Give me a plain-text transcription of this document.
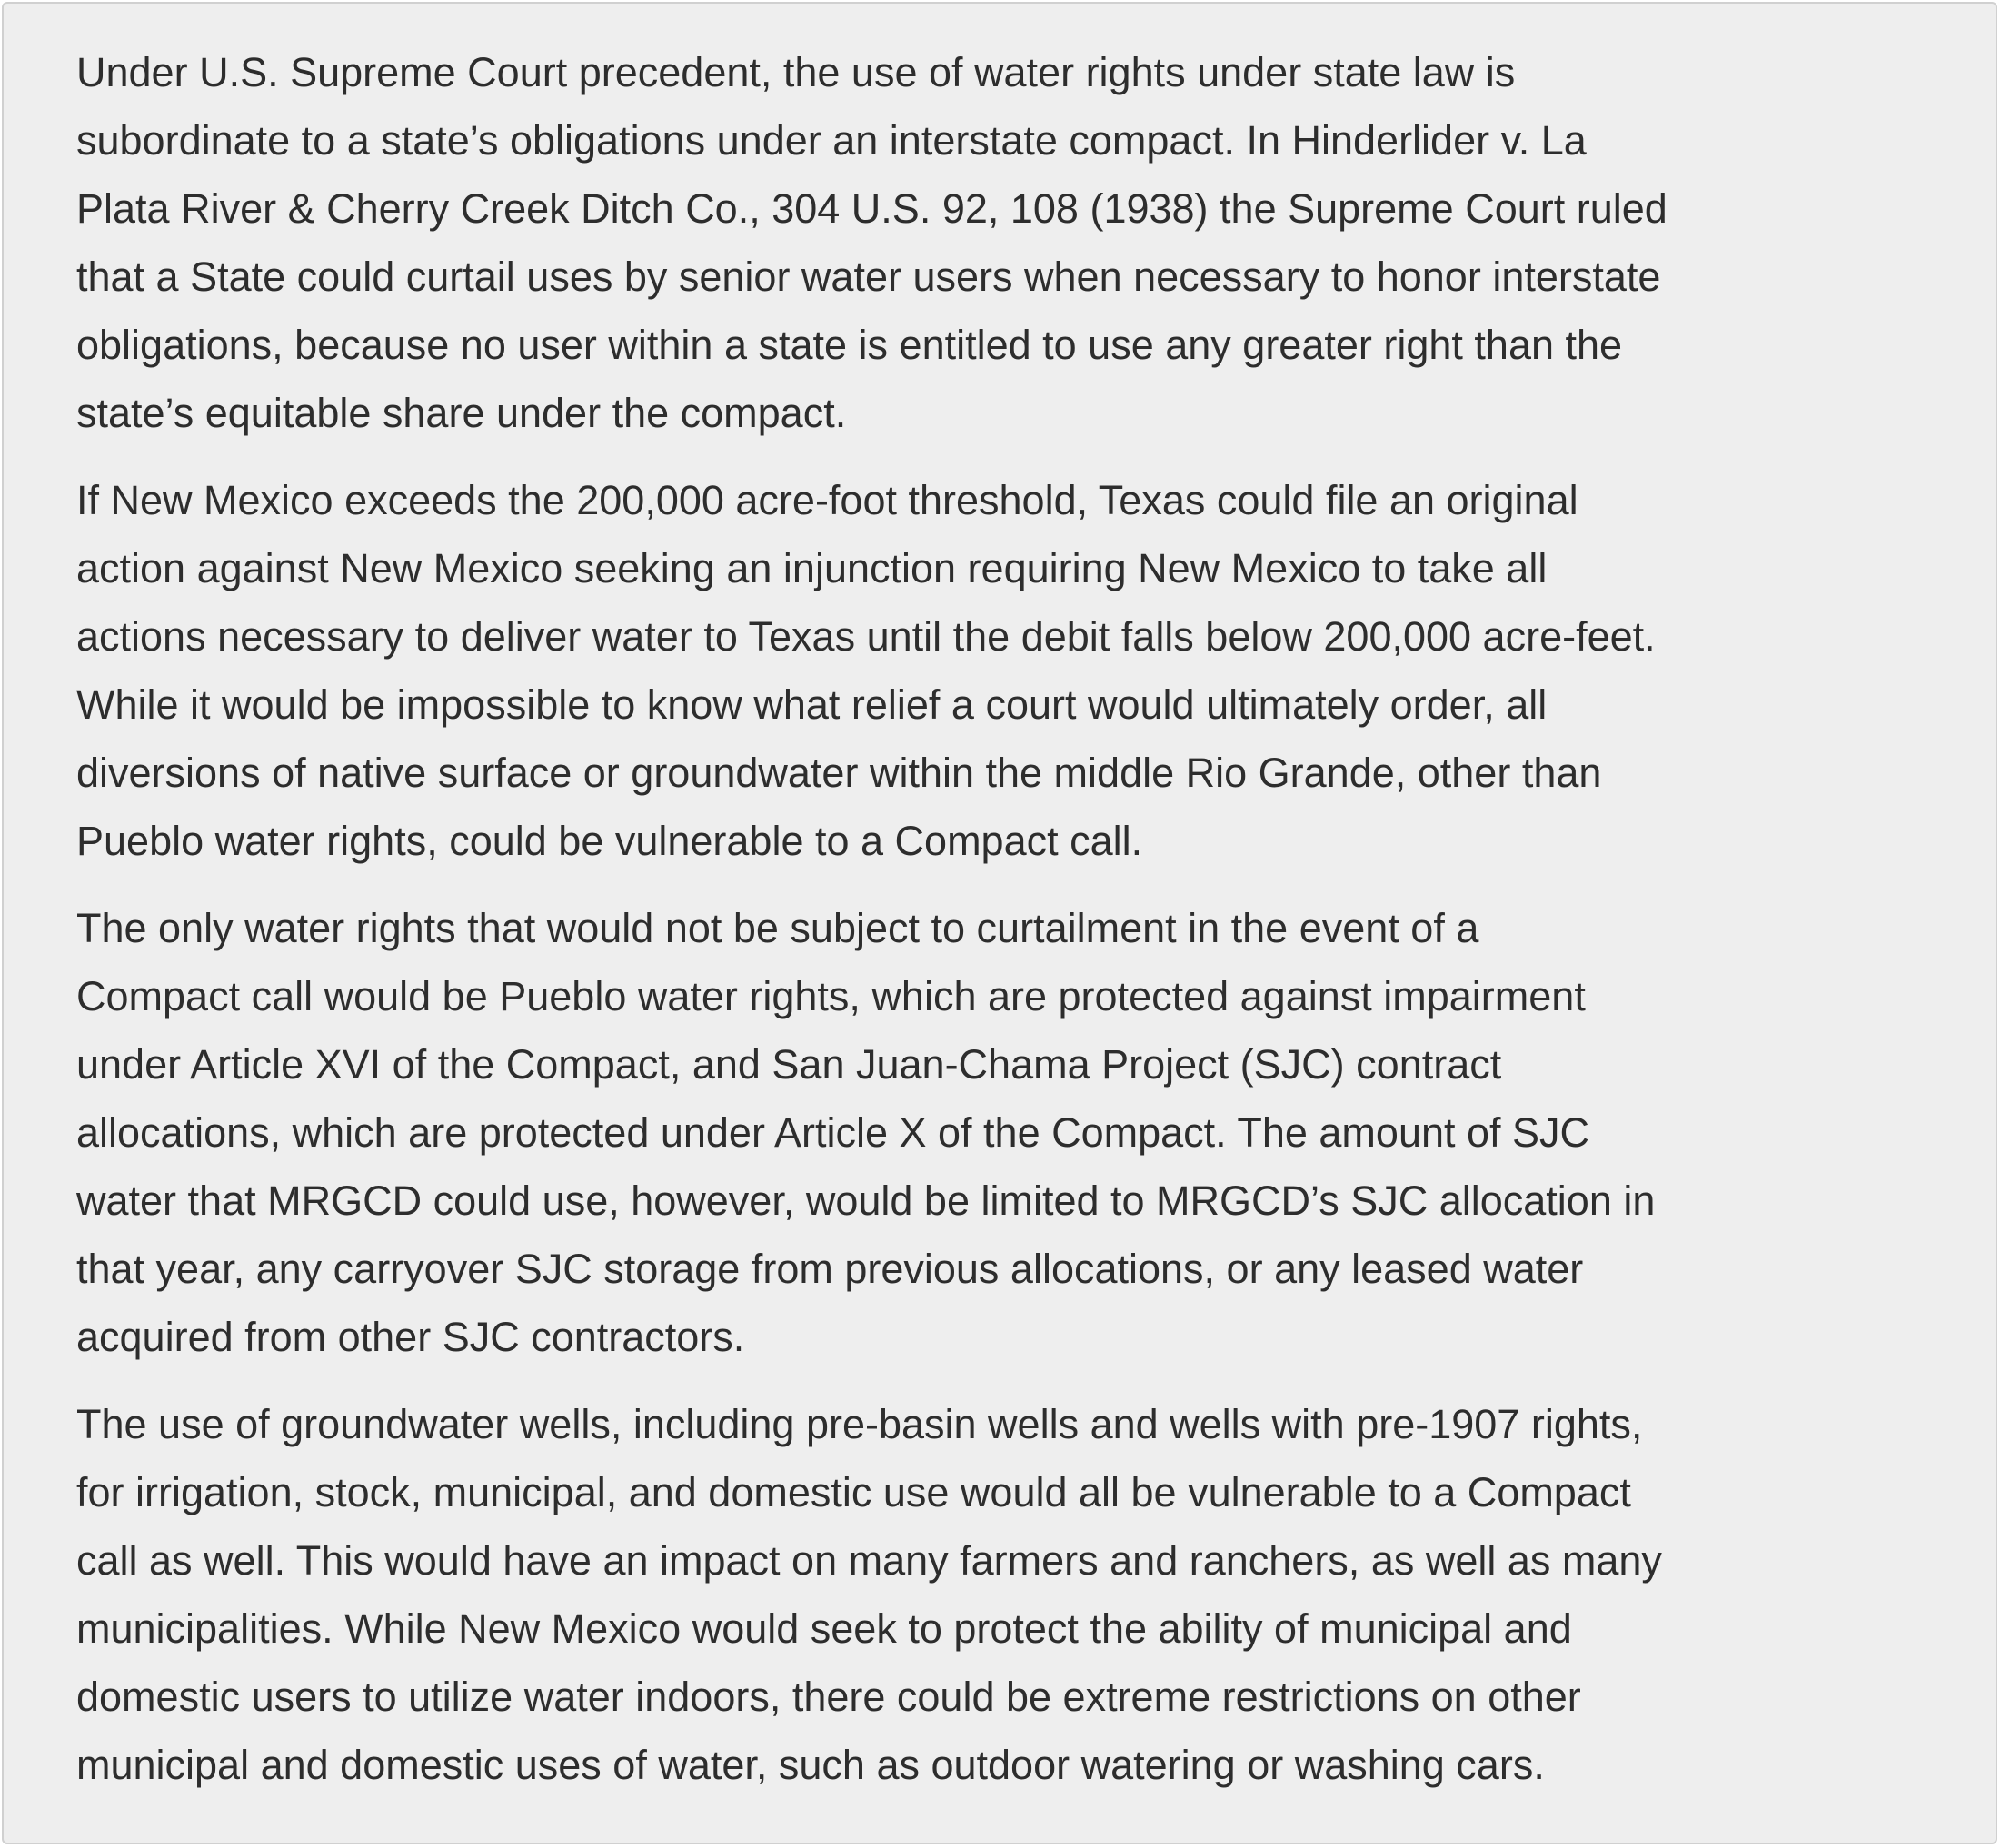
Under U.S. Supreme Court precedent, the use of water rights under state law is
subordinate to a state’s obligations under an interstate compact. In Hinderlider v. La
Plata River & Cherry Creek Ditch Co., 304 U.S. 92, 108 (1938) the Supreme Court ruled
that a State could curtail uses by senior water users when necessary to honor interstate
obligations, because no user within a state is entitled to use any greater right than the
state’s equitable share under the compact.

If New Mexico exceeds the 200,000 acre-foot threshold, Texas could file an original
action against New Mexico seeking an injunction requiring New Mexico to take all
actions necessary to deliver water to Texas until the debit falls below 200,000 acre-feet.
While it would be impossible to know what relief a court would ultimately order, all
diversions of native surface or groundwater within the middle Rio Grande, other than
Pueblo water rights, could be vulnerable to a Compact call.

The only water rights that would not be subject to curtailment in the event of a
Compact call would be Pueblo water rights, which are protected against impairment
under Article XVI of the Compact, and San Juan-Chama Project (SJC) contract
allocations, which are protected under Article X of the Compact. The amount of SJC
water that MRGCD could use, however, would be limited to MRGCD’s SJC allocation in
that year, any carryover SJC storage from previous allocations, or any leased water
acquired from other SJC contractors.

The use of groundwater wells, including pre-basin wells and wells with pre-1907 rights,
for irrigation, stock, municipal, and domestic use would all be vulnerable to a Compact
call as well. This would have an impact on many farmers and ranchers, as well as many
municipalities. While New Mexico would seek to protect the ability of municipal and
domestic users to utilize water indoors, there could be extreme restrictions on other
municipal and domestic uses of water, such as outdoor watering or washing cars.
